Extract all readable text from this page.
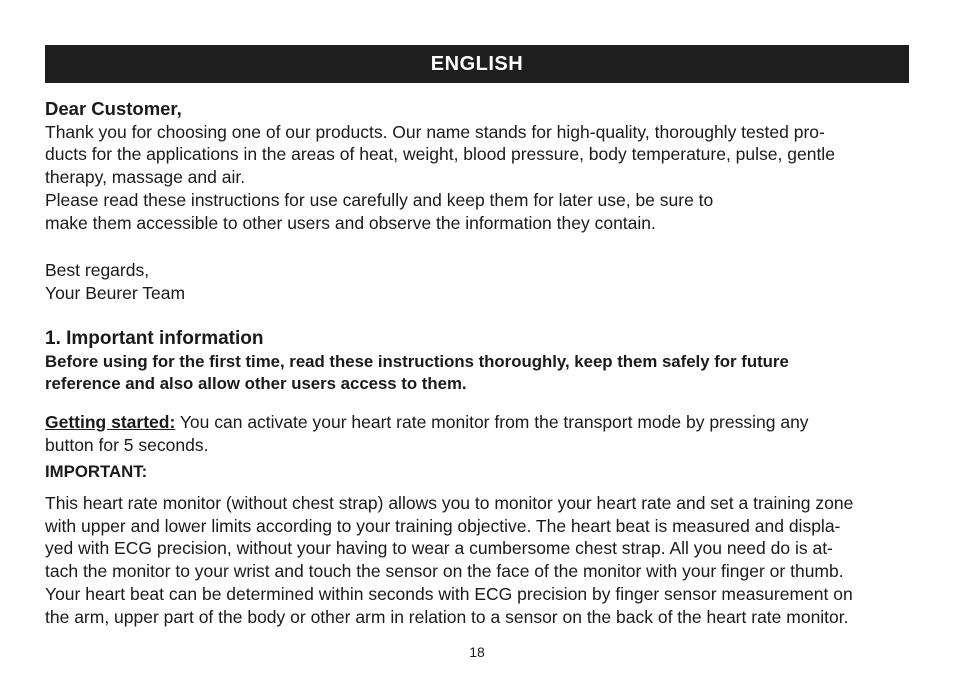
ENGLISH
Dear Customer,
Thank you for choosing one of our products. Our name stands for high-quality, thoroughly tested pro-
ducts for the applications in the areas of heat, weight, blood pressure, body temperature, pulse, gentle
therapy, massage and air.
Please read these instructions for use carefully and keep them for later use, be sure to
make them accessible to other users and observe the information they contain.
Best regards,
Your Beurer Team
1. Important information
Before using for the first time, read these instructions thoroughly, keep them safely for future
reference and also allow other users access to them.
Getting started: You can activate your heart rate monitor from the transport mode by pressing any
button for 5 seconds.
IMPORTANT:
This heart rate monitor (without chest strap) allows you to monitor your heart rate and set a training zone
with upper and lower limits according to your training objective. The heart beat is measured and displa-
yed with ECG precision, without your having to wear a cumbersome chest strap. All you need do is at-
tach the monitor to your wrist and touch the sensor on the face of the monitor with your finger or thumb.
Your heart beat can be determined within seconds with ECG precision by finger sensor measurement on
the arm, upper part of the body or other arm in relation to a sensor on the back of the heart rate monitor.
18
